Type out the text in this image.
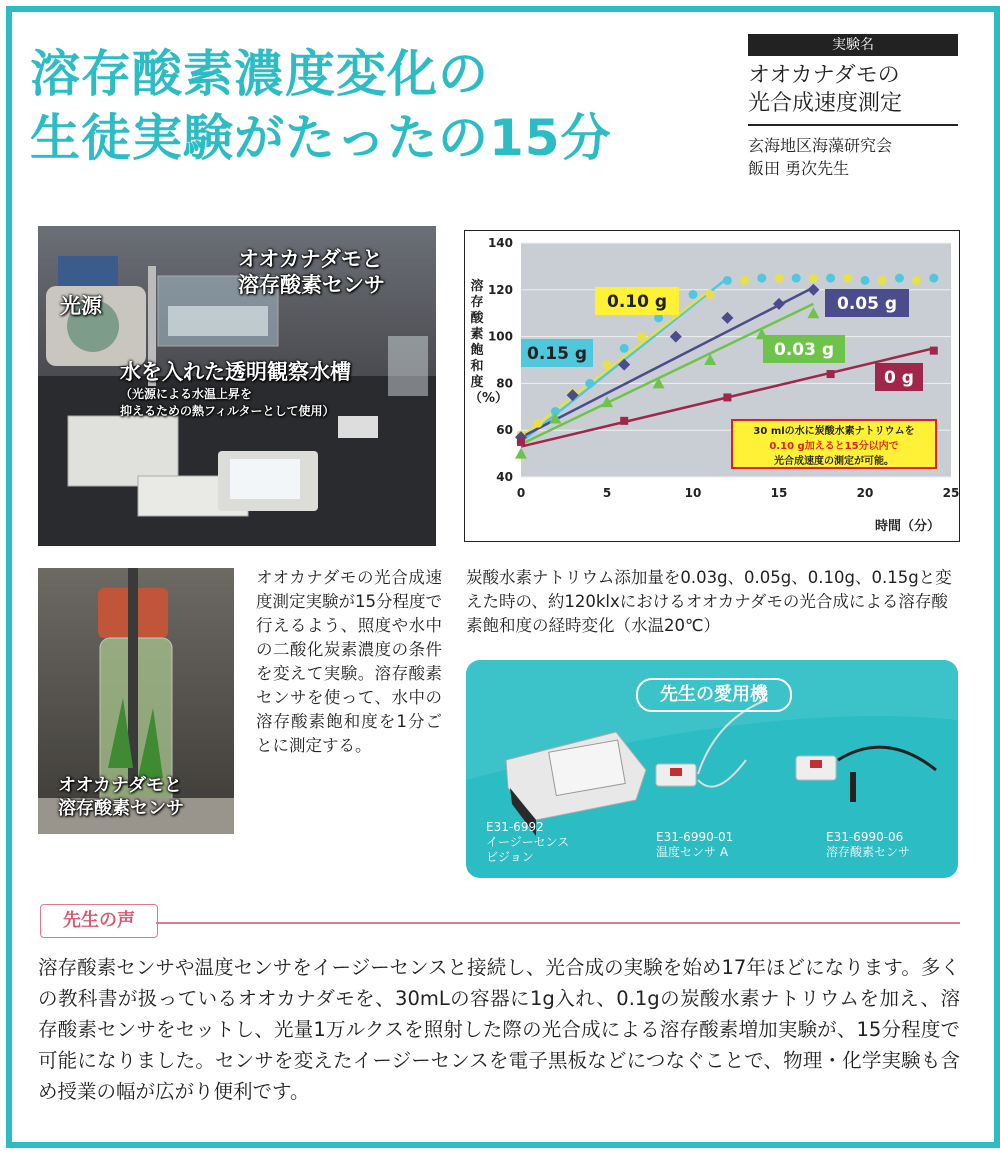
溶存酸素濃度変化の
生徒実験がたったの15分
実験名
オオカナダモの
光合成速度測定
玄海地区海藻研究会
飯田 勇次先生
光源
オオカナダモと
溶存酸素センサ
水を入れた透明観察水槽
（光源による水温上昇を
抑えるための熱フィルターとして使用）
オオカナダモと
溶存酸素センサ

オオカナダモの光合成速度測定実験が15分程度で行えるよう、照度や水中の二酸化炭素濃度の条件を変えて実験。溶存酸素センサを使って、水中の溶存酸素飽和度を1分ごとに測定する。

40
60
80
100
120
140
0	5	10	15	20	25
0.15 g
0.10 g	0.05 g
0.03 g
0 g
溶存酸素飽和度（%）
時間（分）
30 mlの水に炭酸水素ナトリウムを
0.10 g加えると15分以内で
光合成速度の測定が可能。

炭酸水素ナトリウム添加量を0.03g、0.05g、0.10g、0.15gと変えた時の、約120klxにおけるオオカナダモの光合成による溶存酸素飽和度の経時変化（水温20℃）

先生の愛用機
E31-6992
イージーセンス
ビジョン
E31-6990-01
温度センサ A
E31-6990-06
溶存酸素センサ
先生の声

溶存酸素センサや温度センサをイージーセンスと接続し、光合成の実験を始め17年ほどになります。多くの教科書が扱っているオオカナダモを、30mLの容器に1g入れ、0.1gの炭酸水素ナトリウムを加え、溶存酸素センサをセットし、光量1万ルクスを照射した際の光合成による溶存酸素増加実験が、15分程度で可能になりました。センサを変えたイージーセンスを電子黒板などにつなぐことで、物理・化学実験も含め授業の幅が広がり便利です。
